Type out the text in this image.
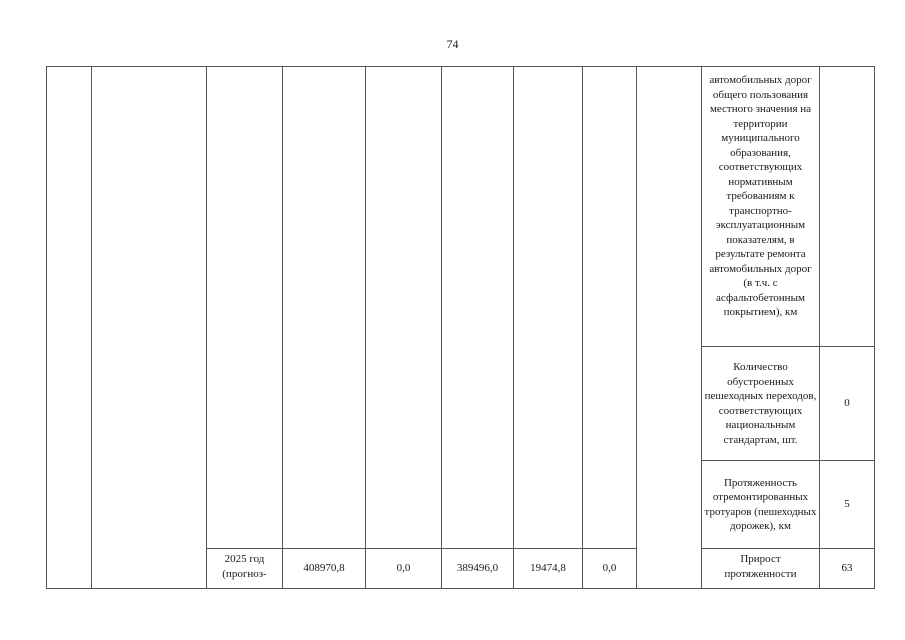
74
									автомобильных дорог общего пользования местного значения на территории муниципального образования, соответствующих нормативным требованиям к транспортно-эксплуатационным показателям, в результате ремонта автомобильных дорог (в т.ч. с асфальтобетонным покрытием), км	
									Количество обустроенных пешеходных переходов, соответствующих национальным стандартам, шт.	0
									Протяженность отремонтированных тротуаров (пешеходных дорожек), км	5
		2025 год (прогноз-	408970,8	0,0	389496,0	19474,8	0,0		Прирост протяженности	63
